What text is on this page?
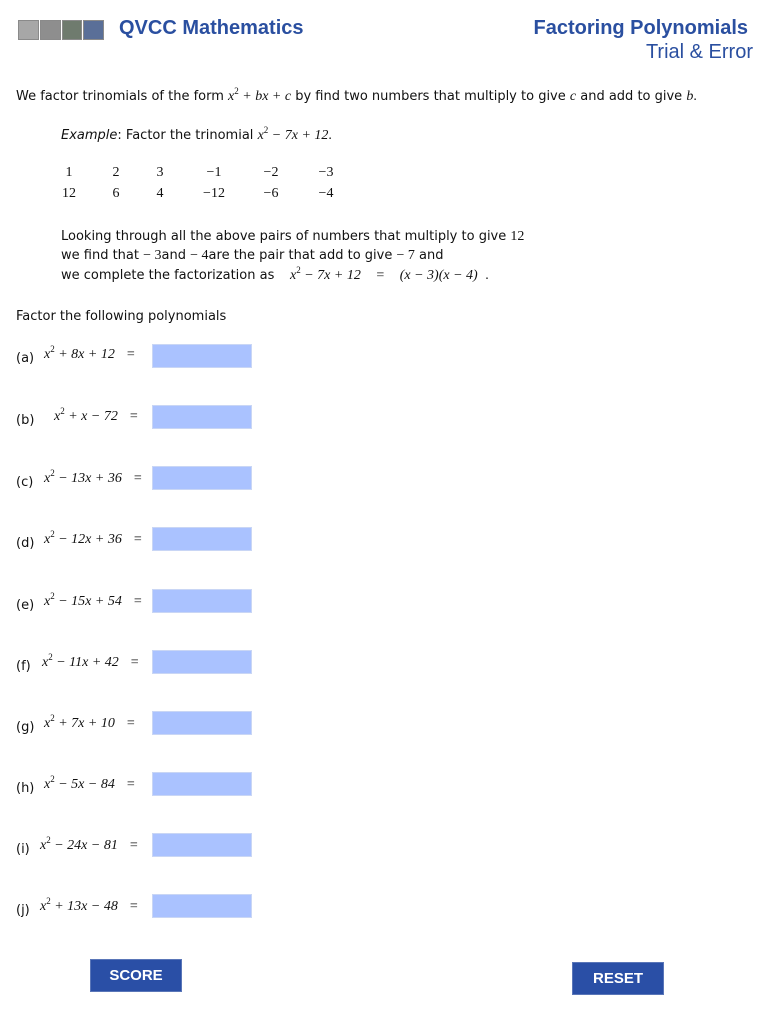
QVCC Mathematics	Factoring Polynomials
Trial & Error
We factor trinomials of the form $x^2$ + bx + c by find two numbers that multiply to give c and add to give b.
Example: Factor the trinomial $x^2 - 7x + 12$.
1	2	3	−1	−2	−3
12	6	4	−12	−6	−4
Looking through all the above pairs of numbers that multiply to give 12
we find that − 3and − 4are the pair that add to give − 7 and
we complete the factorization as $x^2 - 7x + 12 = (x - 3)(x - 4)$ .
Factor the following polynomials
(a) $x^2 + 8x + 12$ =
(b) $x^2 + x - 72$ =
(c) $x^2 - 13x + 36$ =
(d) $x^2 - 12x + 36$ =
(e) $x^2 - 15x + 54$ =
(f) $x^2 - 11x + 42$ =
(g) $x^2 + 7x + 10$ =
(h) $x^2 - 5x - 84$ =
(i) $x^2 - 24x - 81$ =
(j) $x^2 + 13x - 48$ =
SCORE	RESET
